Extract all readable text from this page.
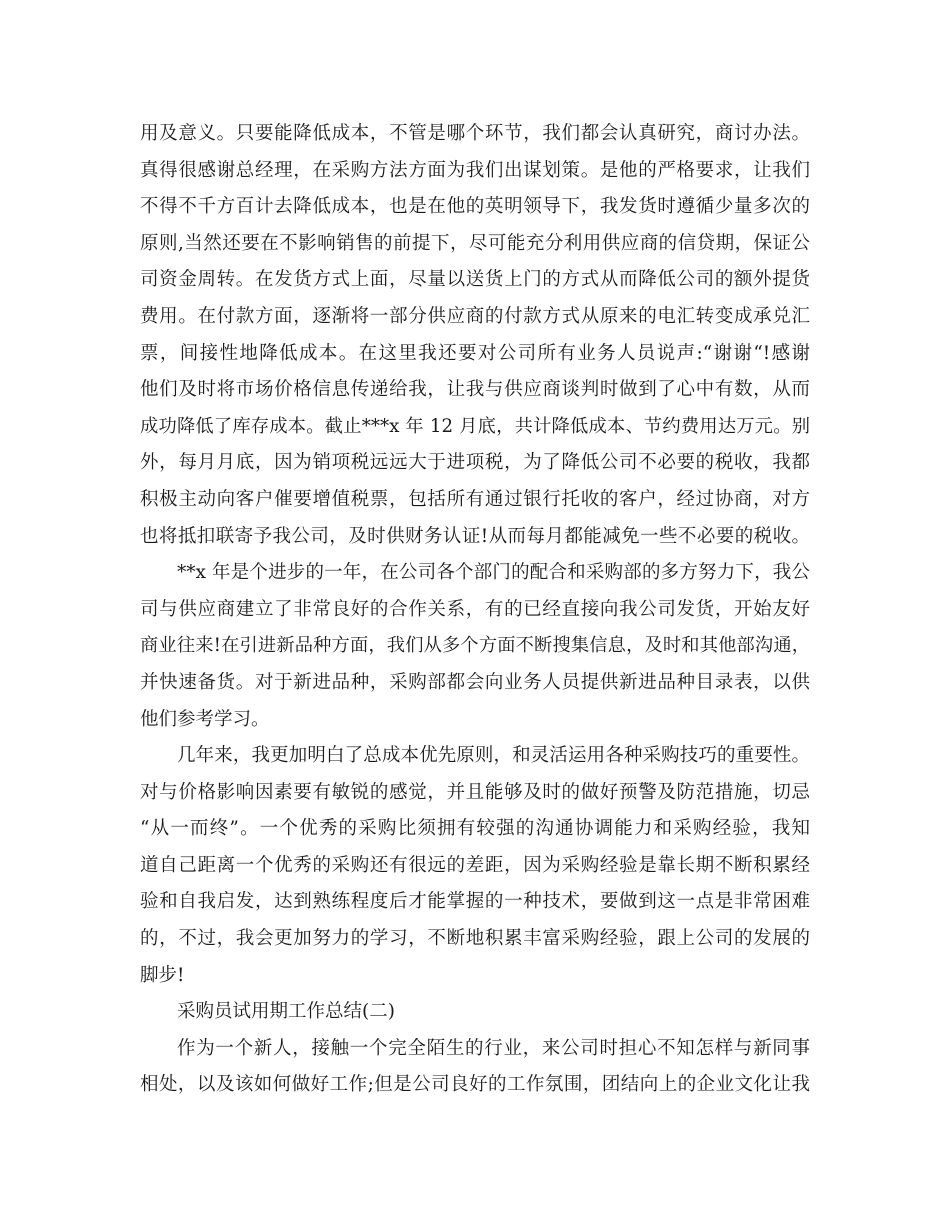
用及意义。只要能降低成本，不管是哪个环节，我们都会认真研究，商讨办法。
真得很感谢总经理，在采购方法方面为我们出谋划策。是他的严格要求，让我们
不得不千方百计去降低成本，也是在他的英明领导下，我发货时遵循少量多次的
原则,当然还要在不影响销售的前提下，尽可能充分利用供应商的信贷期，保证公
司资金周转。在发货方式上面，尽量以送货上门的方式从而降低公司的额外提货
费用。在付款方面，逐渐将一部分供应商的付款方式从原来的电汇转变成承兑汇
票，间接性地降低成本。在这里我还要对公司所有业务人员说声:“谢谢“!感谢
他们及时将市场价格信息传递给我，让我与供应商谈判时做到了心中有数，从而
成功降低了库存成本。截止***x 年 12 月底，共计降低成本、节约费用达万元。别
外，每月月底，因为销项税远远大于进项税，为了降低公司不必要的税收，我都
积极主动向客户催要增值税票，包括所有通过银行托收的客户，经过协商，对方
也将抵扣联寄予我公司，及时供财务认证!从而每月都能减免一些不必要的税收。
**x 年是个进步的一年，在公司各个部门的配合和采购部的多方努力下，我公
司与供应商建立了非常良好的合作关系，有的已经直接向我公司发货，开始友好
商业往来!在引进新品种方面，我们从多个方面不断搜集信息，及时和其他部沟通，
并快速备货。对于新进品种，采购部都会向业务人员提供新进品种目录表，以供
他们参考学习。
几年来，我更加明白了总成本优先原则，和灵活运用各种采购技巧的重要性。
对与价格影响因素要有敏锐的感觉，并且能够及时的做好预警及防范措施，切忌
“从一而终”。一个优秀的采购比须拥有较强的沟通协调能力和采购经验，我知
道自己距离一个优秀的采购还有很远的差距，因为采购经验是靠长期不断积累经
验和自我启发，达到熟练程度后才能掌握的一种技术，要做到这一点是非常困难
的，不过，我会更加努力的学习，不断地积累丰富采购经验，跟上公司的发展的
脚步!
采购员试用期工作总结(二)
作为一个新人，接触一个完全陌生的行业，来公司时担心不知怎样与新同事
相处，以及该如何做好工作;但是公司良好的工作氛围，团结向上的企业文化让我
